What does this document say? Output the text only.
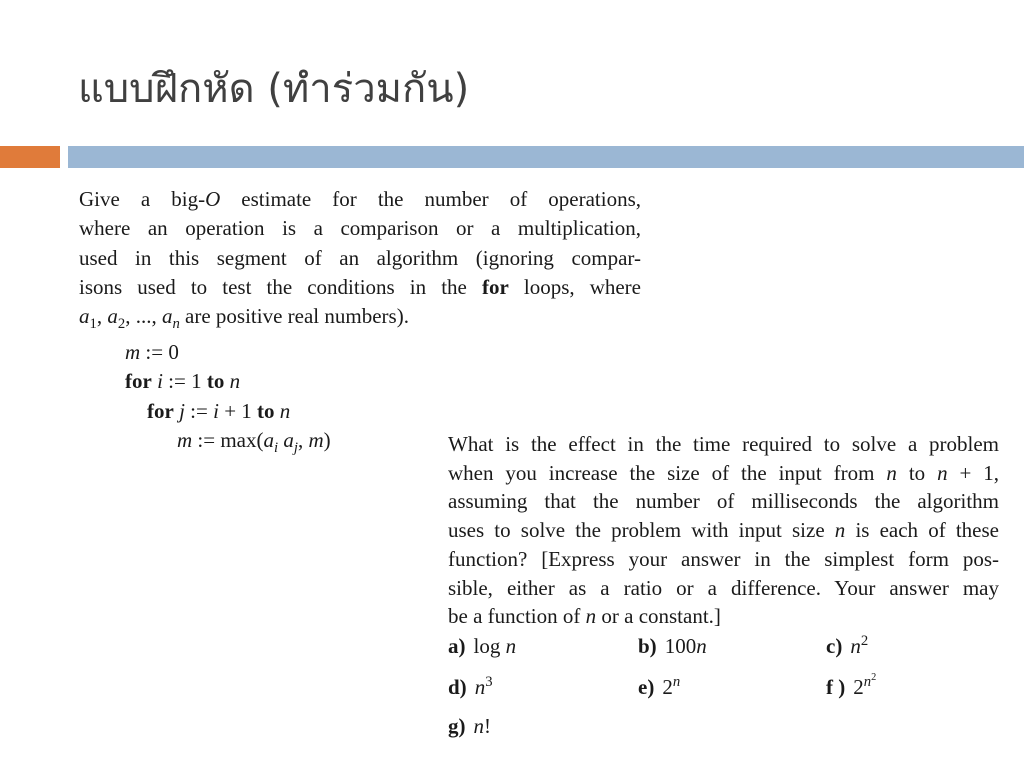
แบบฝึกหัด (ทำร่วมกัน)
Give a big-O estimate for the number of operations,
where an operation is a comparison or a multiplication,
used in this segment of an algorithm (ignoring compar-
isons used to test the conditions in the for loops, where
$a_1$, $a_2$, ..., $a_n$ are positive real numbers).
m := 0
for i := 1 to n
for j := i + 1 to n
m := $\max(a_i$ $a_j$, m)	What is the effect in the time required to solve a problem
when you increase the size of the input from n to n + 1,
assuming that the number of milliseconds the algorithm
uses to solve the problem with input size n is each of these
function? [Express your answer in the simplest form pos-
sible, either as a ratio or a difference. Your answer may
be a function of n or a constant.]
a) log n	b) 100n	c) $n^2$
d) $n^3$	e) 2$^n$	f ) $2^{n^2}$
g) n!
